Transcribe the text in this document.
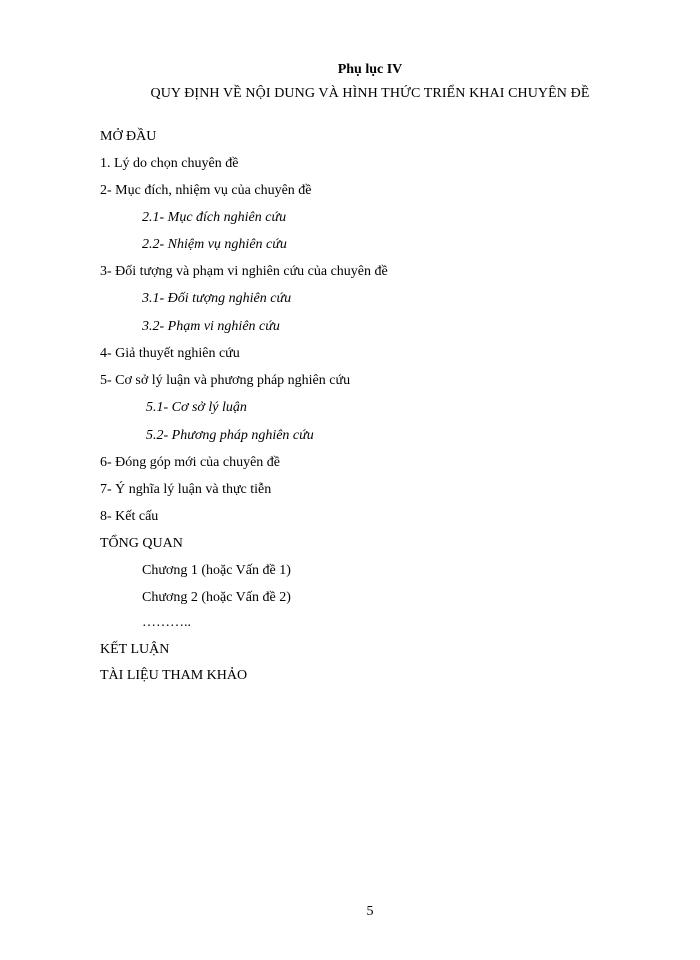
Phụ lục IV
QUY ĐỊNH VỀ NỘI DUNG VÀ HÌNH THỨC TRIỂN KHAI CHUYÊN ĐỀ
MỞ ĐẦU
1. Lý do chọn chuyên đề
2- Mục đích, nhiệm vụ của chuyên đề
2.1- Mục đích nghiên cứu
2.2- Nhiệm vụ nghiên cứu
3- Đối tượng và phạm vi nghiên cứu của chuyên đề
3.1- Đối tượng nghiên cứu
3.2- Phạm vi nghiên cứu
4- Giả thuyết nghiên cứu
5- Cơ sở lý luận và phương pháp nghiên cứu
5.1- Cơ sở lý luận
5.2- Phương pháp nghiên cứu
6- Đóng góp mới của chuyên đề
7- Ý nghĩa lý luận và thực tiễn
8- Kết cấu
TỔNG QUAN
Chương 1 (hoặc Vấn đề 1)
Chương 2 (hoặc Vấn đề 2)
………..
KẾT LUẬN
TÀI LIỆU THAM KHẢO
5
